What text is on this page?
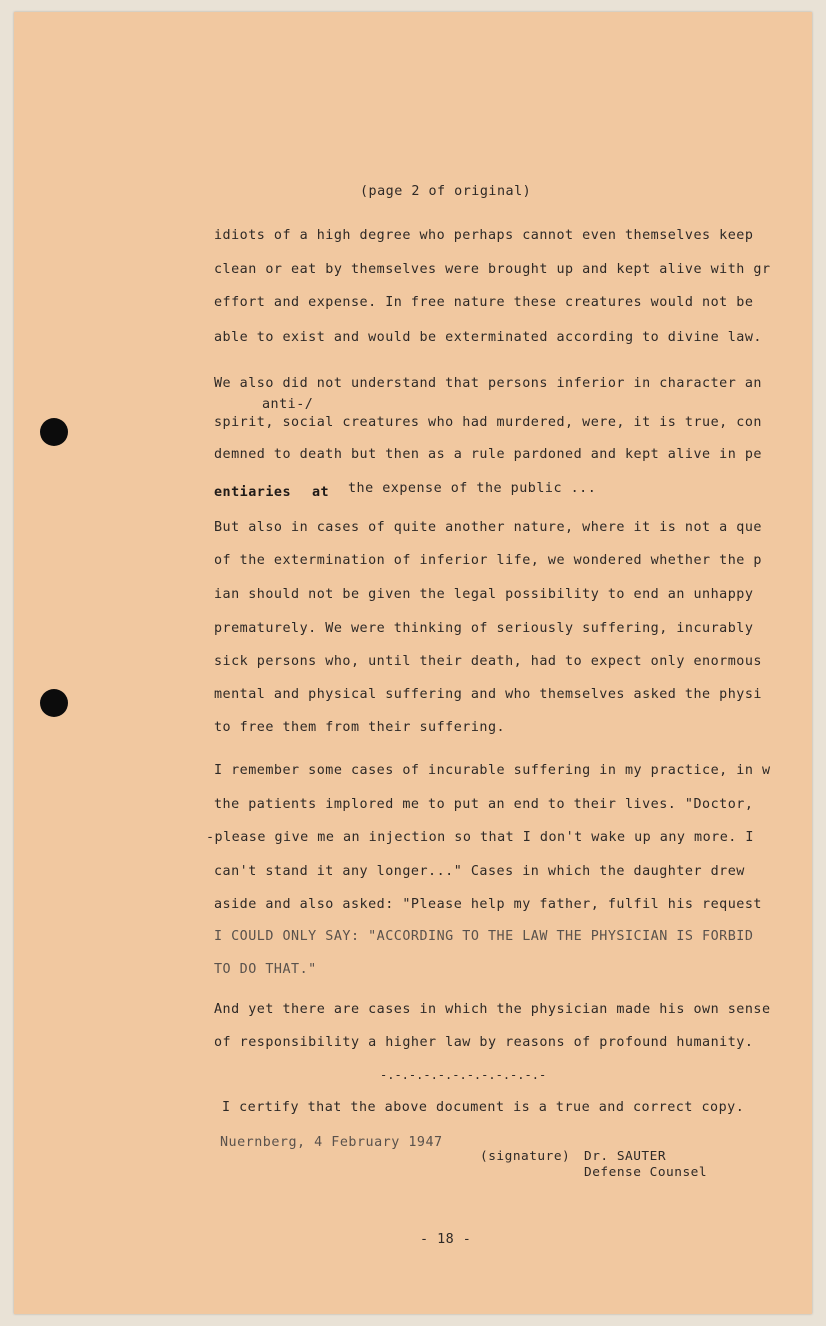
(page 2 of original)
idiots of a high degree who perhaps cannot even themselves keep
clean or eat by themselves were brought up and kept alive with gr
effort and expense. In free nature these creatures would not be
able to exist and would be exterminated according to divine law.
We also did not understand that persons inferior in character an
anti-/
spirit, social creatures who had murdered, were, it is true, con
demned to death but then as a rule pardoned and kept alive in pe
entiaries at the expense of the public ...
But also in cases of quite another nature, where it is not a que
of the extermination of inferior life, we wondered whether the p
ian should not be given the legal possibility to end an unhappy
prematurely. We were thinking of seriously suffering, incurably
sick persons who, until their death, had to expect only enormous
mental and physical suffering and who themselves asked the physi
to free them from their suffering.
I remember some cases of incurable suffering in my practice, in w
the patients implored me to put an end to their lives. "Doctor,
-please give me an injection so that I don't wake up any more. I
can't stand it any longer..." Cases in which the daughter drew
aside and also asked: "Please help my father, fulfil his request
I COULD ONLY SAY: "ACCORDING TO THE LAW THE PHYSICIAN IS FORBID
TO DO THAT."
And yet there are cases in which the physician made his own sense
of responsibility a higher law by reasons of profound humanity.
-.-.-.-.-.-.-.-.-.-.-.-
I certify that the above document is a true and correct copy.
Nuernberg, 4 February 1947
(signature) Dr. SAUTER
Defense Counsel
- 18 -
